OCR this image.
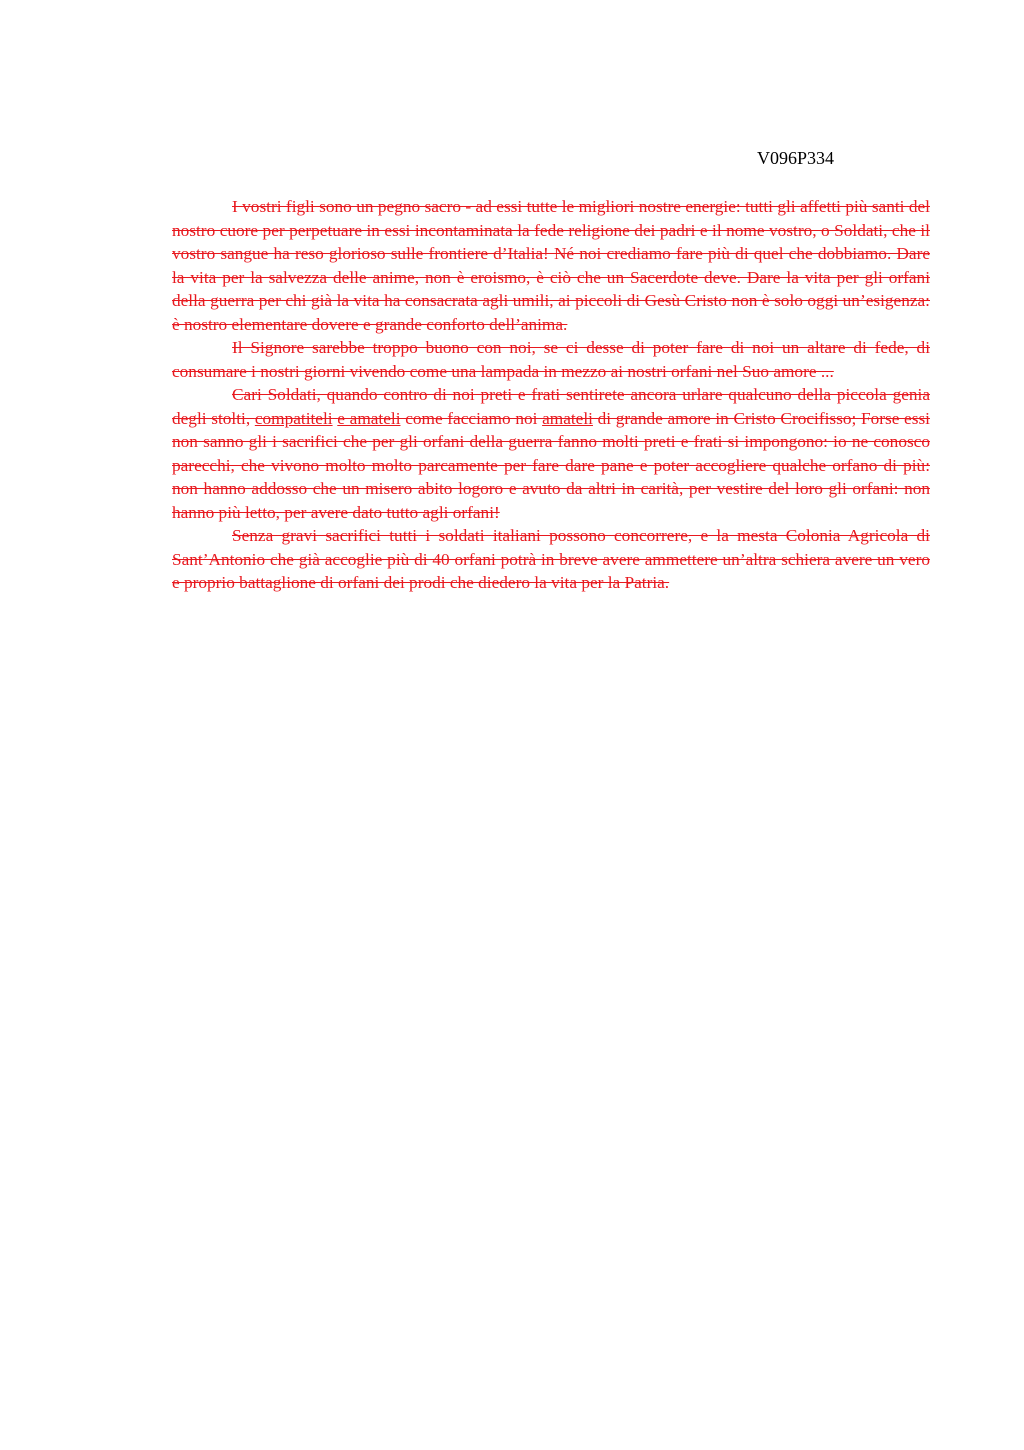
V096P334

I vostri figli sono un pegno sacro - ad essi tutte le migliori nostre energie: tutti gli affetti più santi del nostro cuore per perpetuare in essi incontaminata la fede religione dei padri e il nome vostro, o Soldati, che il vostro sangue ha reso glorioso sulle frontiere d’Italia! Né noi crediamo fare più di quel che dobbiamo. Dare la vita per la salvezza delle anime, non è eroismo, è ciò che un Sacerdote deve. Dare la vita per gli orfani della guerra per chi già la vita ha consacrata agli umili, ai piccoli di Gesù Cristo non è solo oggi un’esigenza: è nostro elementare dovere e grande conforto dell’anima.

Il Signore sarebbe troppo buono con noi, se ci desse di poter fare di noi un altare di fede, di consumare i nostri giorni vivendo come una lampada in mezzo ai nostri orfani nel Suo amore ...

Cari Soldati, quando contro di noi preti e frati sentirete ancora urlare qualcuno della piccola genia degli stolti, compatiteli e amateli come facciamo noi amateli di grande amore in Cristo Crocifisso; Forse essi non sanno gli i sacrifici che per gli orfani della guerra fanno molti preti e frati si impongono: io ne conosco parecchi, che vivono molto molto parcamente per fare dare pane e poter accogliere qualche orfano di più: non hanno addosso che un misero abito logoro e avuto da altri in carità, per vestire del loro gli orfani: non hanno più letto, per avere dato tutto agli orfani!

Senza gravi sacrifici tutti i soldati italiani possono concorrere, e la mesta Colonia Agricola di Sant’Antonio che già accoglie più di 40 orfani potrà in breve avere ammettere un’altra schiera avere un vero e proprio battaglione di orfani dei prodi che diedero la vita per la Patria.
